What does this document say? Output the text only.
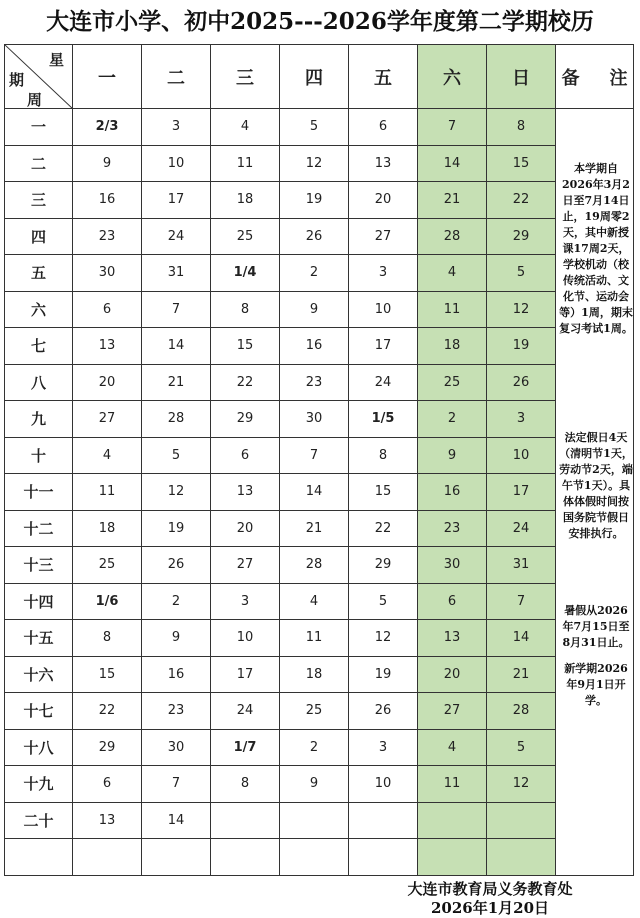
大连市小学、初中2025---2026学年度第二学期校历
星
期
周	一	二	三	四	五	六	日	备　注
一	2/3	3	4	5	6	7	8	本学期自2026年3月2日至7月14日止，19周零2天，其中新授课17周2天，学校机动（校传统活动、文化节、运动会等）1周，期末复习考试1周。
法定假日4天（清明节1天，劳动节2天，端午节1天）。具体体假时间按国务院节假日安排执行。
暑假从2026年7月15日至8月31日止。
新学期2026年9月1日开学。

二	9	10	11	12	13	14	15	
三	16	17	18	19	20	21	22	
四	23	24	25	26	27	28	29	
五	30	31	1/4	2	3	4	5	
六	6	7	8	9	10	11	12	
七	13	14	15	16	17	18	19	
八	20	21	22	23	24	25	26	
九	27	28	29	30	1/5	2	3	
十	4	5	6	7	8	9	10	
十一	11	12	13	14	15	16	17	
十二	18	19	20	21	22	23	24	
十三	25	26	27	28	29	30	31	
十四	1/6	2	3	4	5	6	7	
十五	8	9	10	11	12	13	14	
十六	15	16	17	18	19	20	21	
十七	22	23	24	25	26	27	28	
十八	29	30	1/7	2	3	4	5	
十九	6	7	8	9	10	11	12	
二十	13	14						

大连市教育局义务教育处
2026年1月20日
